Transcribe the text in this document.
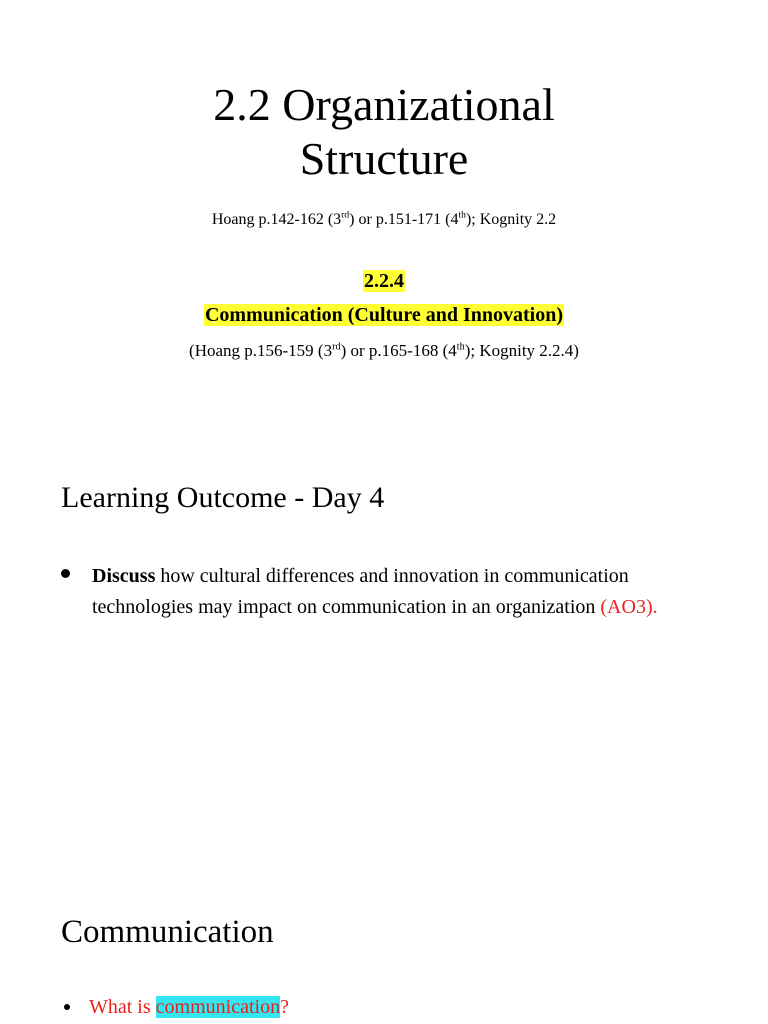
2.2 Organizational
Structure
Hoang p.142-162 (3rd) or p.151-171 (4th); Kognity 2.2
2.2.4
Communication (Culture and Innovation)
(Hoang p.156-159 (3rd) or p.165-168 (4th); Kognity 2.2.4)
Learning Outcome - Day 4
Discuss how cultural differences and innovation in communication technologies may impact on communication in an organization (AO3).
Communication
What is communication?
